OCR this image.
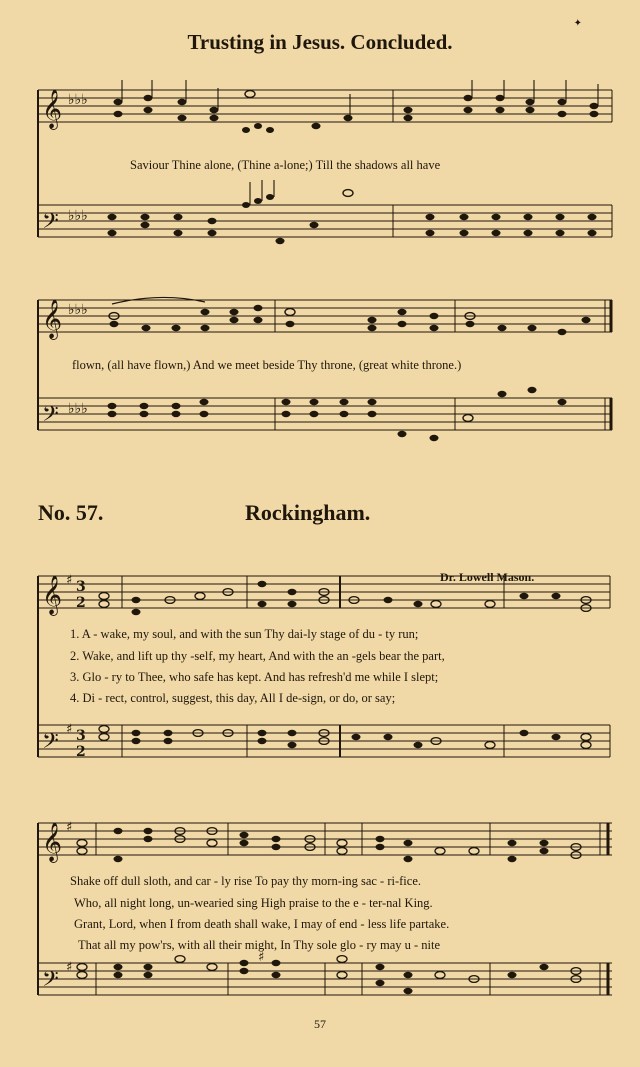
✦
Trusting in Jesus. Concluded.
𝄞
𝄢
♭♭♭
♭♭♭
Saviour Thine alone, (Thine a-lone;) Till the shadows all have
𝄞
𝄢
♭♭♭
♭♭♭
flown, (all have flown,) And we meet beside Thy throne, (great white throne.)
No. 57.	Rockingham.
Dr. Lowell Mason.
𝄞
𝄢
♯
♯
3
2
3
2
1. A - wake, my soul, and with the sun Thy dai-ly stage of du - ty run;
2. Wake, and lift up thy -self, my heart, And with the an -gels bear the part,
3. Glo - ry to Thee, who safe has kept. And has refresh'd me while I slept;
4. Di - rect, control, suggest, this day, All I de-sign, or do, or say;
𝄞
𝄢
♯
♯
♯
Shake off dull sloth, and car - ly rise To pay thy morn-ing sac - ri-fice.
Who, all night long, un-wearied sing High praise to the e - ter-nal King.
Grant, Lord, when I from death shall wake, I may of end - less life partake.
That all my pow'rs, with all their might, In Thy sole glo - ry may u - nite
57
